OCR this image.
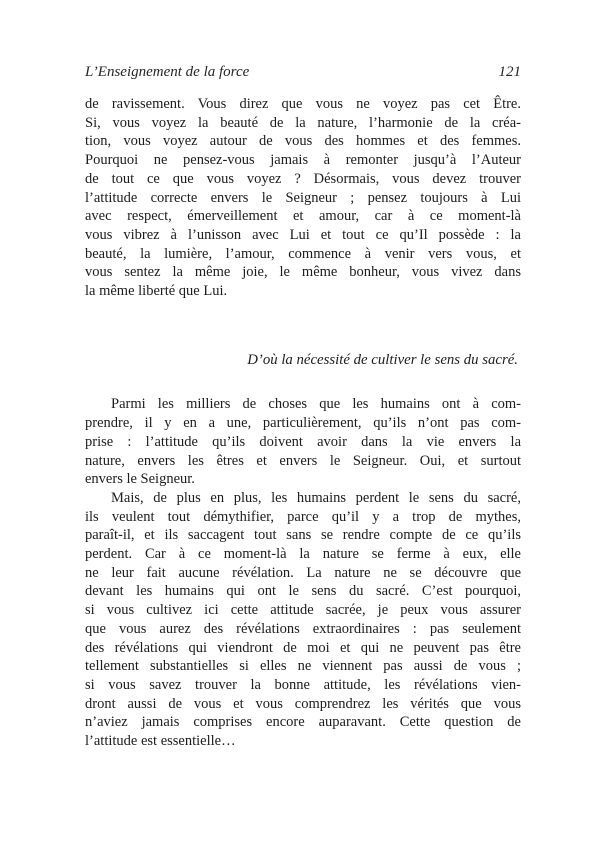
L’Enseignement de la force	121
de ravissement. Vous direz que vous ne voyez pas cet Être.
Si, vous voyez la beauté de la nature, l’harmonie de la créa-
tion, vous voyez autour de vous des hommes et des femmes.
Pourquoi ne pensez-vous jamais à remonter jusqu’à l’Auteur
de tout ce que vous voyez ? Désormais, vous devez trouver
l’attitude correcte envers le Seigneur ; pensez toujours à Lui
avec respect, émerveillement et amour, car à ce moment-là
vous vibrez à l’unisson avec Lui et tout ce qu’Il possède : la
beauté, la lumière, l’amour, commence à venir vers vous, et
vous sentez la même joie, le même bonheur, vous vivez dans
la même liberté que Lui.
D’où la nécessité de cultiver le sens du sacré.
Parmi les milliers de choses que les humains ont à com-
prendre, il y en a une, particulièrement, qu’ils n’ont pas com-
prise : l’attitude qu’ils doivent avoir dans la vie envers la
nature, envers les êtres et envers le Seigneur. Oui, et surtout
envers le Seigneur.
Mais, de plus en plus, les humains perdent le sens du sacré,
ils veulent tout démythifier, parce qu’il y a trop de mythes,
paraît-il, et ils saccagent tout sans se rendre compte de ce qu’ils
perdent. Car à ce moment-là la nature se ferme à eux, elle
ne leur fait aucune révélation. La nature ne se découvre que
devant les humains qui ont le sens du sacré. C’est pourquoi,
si vous cultivez ici cette attitude sacrée, je peux vous assurer
que vous aurez des révélations extraordinaires : pas seulement
des révélations qui viendront de moi et qui ne peuvent pas être
tellement substantielles si elles ne viennent pas aussi de vous ;
si vous savez trouver la bonne attitude, les révélations vien-
dront aussi de vous et vous comprendrez les vérités que vous
n’aviez jamais comprises encore auparavant. Cette question de
l’attitude est essentielle…
